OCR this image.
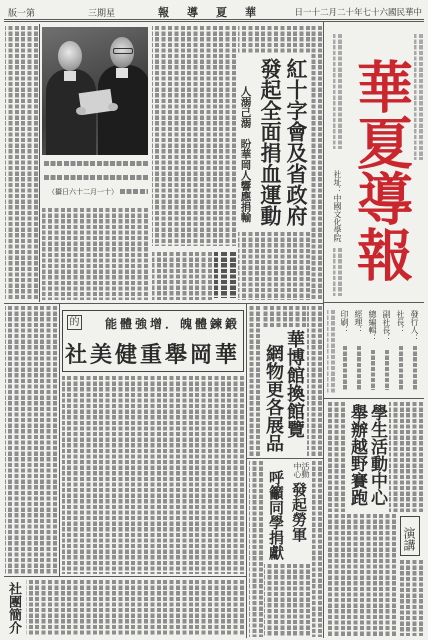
第一版	星期三	華夏導報	中華民國六十七年十二月二十一日
社址：中國文化學院 華夏導報
發行人：
社長：
副社長：
總編輯：
經理：
印刷：
學生活動中心
舉辦越野賽跑
演講
（十一月二十六日攝）	紅十字會及省政府
發起全面捐血運動
人溺己溺　盼華岡人響應捐輸
鍛鍊體魄．增強體能
的
華岡舉重健美社
社團簡介
華博館換館覽
網物更各展品
活動中心
發起勞軍
呼籲同學捐獻
